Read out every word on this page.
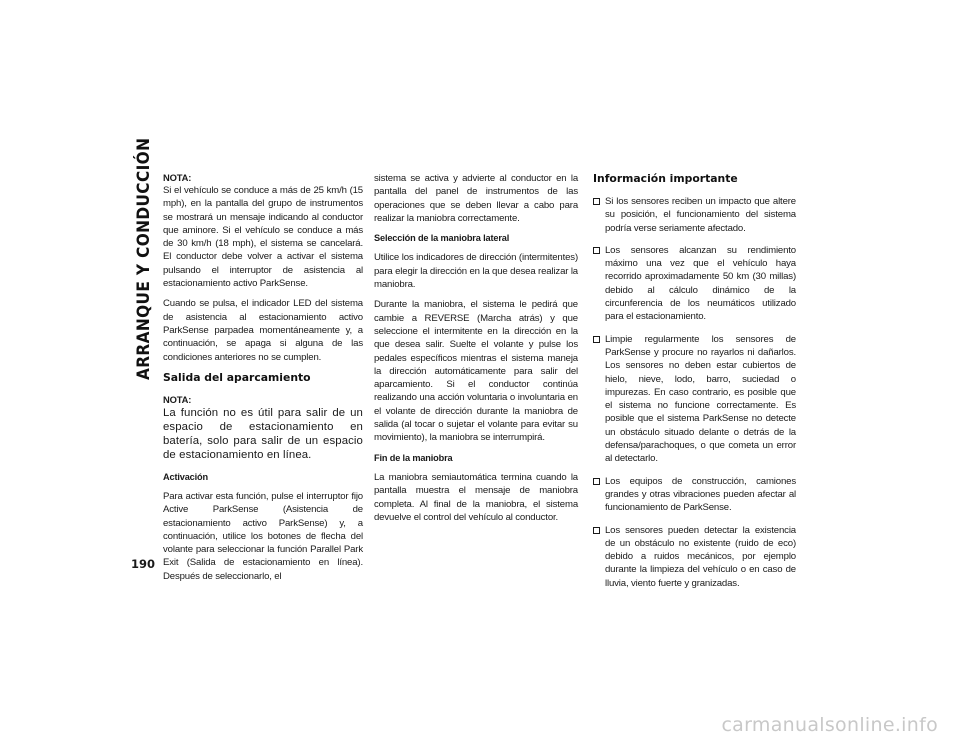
ARRANQUE Y CONDUCCIÓN
190

NOTA:

Si el vehículo se conduce a más de 25 km/h (15 mph), en la pantalla del grupo de instrumentos se mostrará un mensaje indicando al conductor que aminore. Si el vehículo se conduce a más de 30 km/h (18 mph), el sistema se cancelará. El conductor debe volver a activar el sistema pulsando el interruptor de asistencia al estacionamiento activo ParkSense.

Cuando se pulsa, el indicador LED del sistema de asistencia al estacionamiento activo ParkSense parpadea momentáneamente y, a continuación, se apaga si alguna de las condiciones anteriores no se cumplen.

Salida del aparcamiento

NOTA:

La función no es útil para salir de un espacio de estacionamiento en batería, solo para salir de un espacio de estacionamiento en línea.

Activación

Para activar esta función, pulse el interruptor fijo Active ParkSense (Asistencia de estacionamiento activo ParkSense) y, a continuación, utilice los botones de flecha del volante para seleccionar la función Parallel Park Exit (Salida de estacionamiento en línea). Después de seleccionarlo, el

sistema se activa y advierte al conductor en la pantalla del panel de instrumentos de las operaciones que se deben llevar a cabo para realizar la maniobra correctamente.

Selección de la maniobra lateral

Utilice los indicadores de dirección (intermitentes) para elegir la dirección en la que desea realizar la maniobra.

Durante la maniobra, el sistema le pedirá que cambie a REVERSE (Marcha atrás) y que seleccione el intermitente en la dirección en la que desea salir. Suelte el volante y pulse los pedales específicos mientras el sistema maneja la dirección automáticamente para salir del aparcamiento. Si el conductor continúa realizando una acción voluntaria o involuntaria en el volante de dirección durante la maniobra de salida (al tocar o sujetar el volante para evitar su movimiento), la maniobra se interrumpirá.

Fin de la maniobra

La maniobra semiautomática termina cuando la pantalla muestra el mensaje de maniobra completa. Al final de la maniobra, el sistema devuelve el control del vehículo al conductor.

Información importante

Si los sensores reciben un impacto que altere su posición, el funcionamiento del sistema podría verse seriamente afectado.

Los sensores alcanzan su rendimiento máximo una vez que el vehículo haya recorrido aproximadamente 50 km (30 millas) debido al cálculo dinámico de la circunferencia de los neumáticos utilizado para el estacionamiento.

Limpie regularmente los sensores de ParkSense y procure no rayarlos ni dañarlos. Los sensores no deben estar cubiertos de hielo, nieve, lodo, barro, suciedad o impurezas. En caso contrario, es posible que el sistema no funcione correctamente. Es posible que el sistema ParkSense no detecte un obstáculo situado delante o detrás de la defensa/parachoques, o que cometa un error al detectarlo.

Los equipos de construcción, camiones grandes y otras vibraciones pueden afectar al funcionamiento de ParkSense.

Los sensores pueden detectar la existencia de un obstáculo no existente (ruido de eco) debido a ruidos mecánicos, por ejemplo durante la limpieza del vehículo o en caso de lluvia, viento fuerte y granizadas.

carmanualsonline.info
